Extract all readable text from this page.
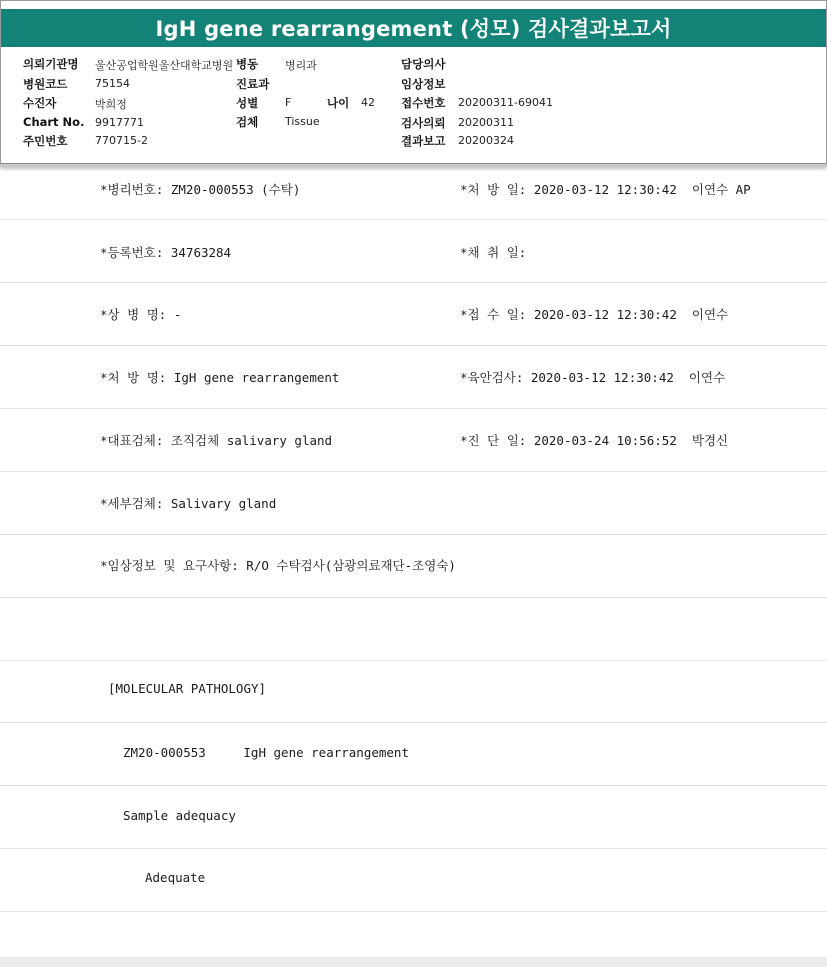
IgH gene rearrangement (성모) 검사결과보고서
의뢰기관명 울산공업학원울산대학교병원 병동 병리과	담당의사
병원코드	75154	진료과	임상정보
수진자	박희정	성별 F	나이 42 접수번호 20200311-69041
Chart No. 9917771	검체 Tissue	검사의뢰 20200311
주민번호	770715-2	결과보고 20200324
*병리번호: ZM20-000553 (수탁)	*처 방 일: 2020-03-12 12:30:42  이연수 AP
*등록번호: 34763284	*채 취 일:
*상 병 명: -	*접 수 일: 2020-03-12 12:30:42  이연수
*처 방 명: IgH gene rearrangement	*육안검사: 2020-03-12 12:30:42  이연수
*대표검체: 조직검체 salivary gland	*진 단 일: 2020-03-24 10:56:52  박경신
*세부검체: Salivary gland
*임상정보 및 요구사항: R/O 수탁검사(삼광의료재단-조영숙)
[MOLECULAR PATHOLOGY]
ZM20-000553     IgH gene rearrangement
Sample adequacy
Adequate
